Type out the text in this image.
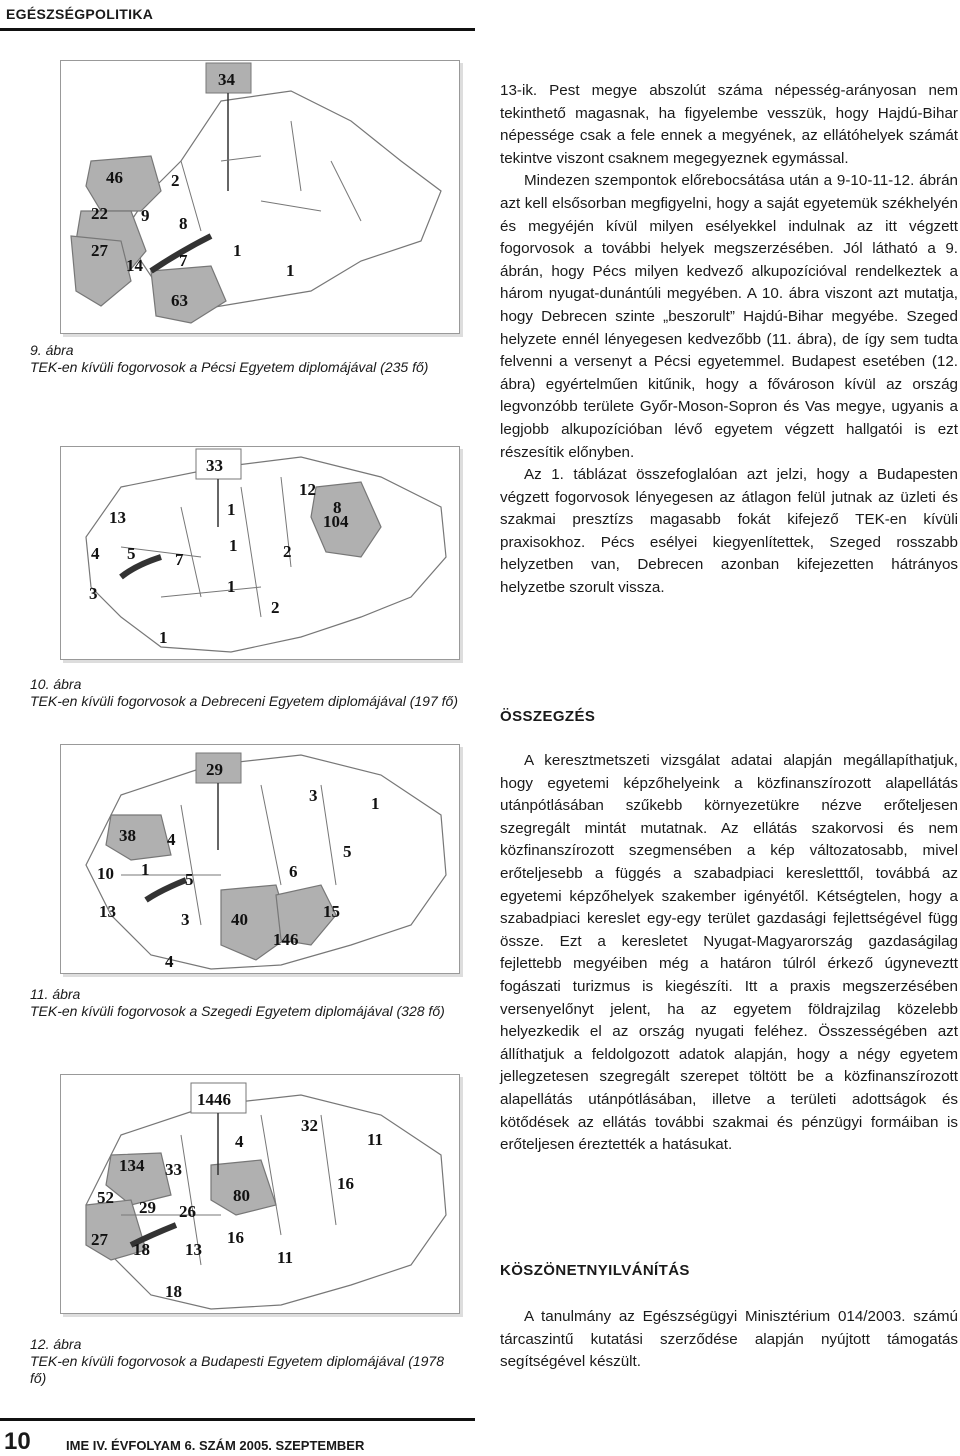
EGÉSZSÉGPOLITIKA
34
46	2
22 9 8
27
14 7
1
1
63
9. ábra
TEK-en kívüli fogorvosok a Pécsi Egyetem diplomájával (235 fő)
33
12
8
1
13	104
4 5 7
1	2
3	1
2
1
10. ábra
TEK-en kívüli fogorvosok a Debreceni Egyetem diplomájával (197 fő)
29
3	1
38 4
5
10 1
5	6
13	40	15
3
146
4
11. ábra
TEK-en kívüli fogorvosok a Szegedi Egyetem diplomájával (328 fő)
1446
32
4	11
134 33
80
52
29 26
16
27	16
18 13	11
18
12. ábra
TEK-en kívüli fogorvosok a Budapesti Egyetem diplomájával (1978 fő)

13-ik. Pest megye abszolút száma népesség-arányosan nem tekinthető magasnak, ha figyelembe vesszük, hogy Hajdú-Bihar népessége csak a fele ennek a megyének, az ellátóhelyek számát tekintve viszont csaknem megegyeznek egymással.

Mindezen szempontok előrebocsátása után a 9-10-11-12. ábrán azt kell elsősorban megfigyelni, hogy a saját egyetemük székhelyén és megyéjén kívül milyen esélyekkel indulnak az itt végzett fogorvosok a további helyek megszerzésében. Jól látható a 9. ábrán, hogy Pécs milyen kedvező alkupozícióval rendelkeztek a három nyugat-dunántúli megyében. A 10. ábra viszont azt mutatja, hogy Debrecen szinte „beszorult” Hajdú-Bihar megyébe. Szeged helyzete ennél lényegesen kedvezőbb (11. ábra), de így sem tudta felvenni a versenyt a Pécsi egyetemmel. Budapest esetében (12. ábra) egyértelműen kitűnik, hogy a fővároson kívül az ország legvonzóbb területe Győr-Moson-Sopron és Vas megye, ugyanis a legjobb alkupozícióban lévő egyetem végzett hallgatói is ezt részesítik előnyben.

Az 1. táblázat összefoglalóan azt jelzi, hogy a Budapesten végzett fogorvosok lényegesen az átlagon felül jutnak az üzleti és szakmai presztízs magasabb fokát kifejező TEK-en kívüli praxisokhoz. Pécs esélyei kiegyenlítettek, Szeged rosszabb helyzetben van, Debrecen azonban kifejezetten hátrányos helyzetbe szorult vissza.

ÖSSZEGZÉS

A keresztmetszeti vizsgálat adatai alapján megállapíthatjuk, hogy egyetemi képzőhelyeink a közfinanszírozott alapellátás utánpótlásában szűkebb környezetükre nézve erőteljesen szegregált mintát mutatnak. Az ellátás szakorvosi és nem közfinanszírozott szegmensében a kép változatosabb, mivel erőteljesebb a függés a szabadpiaci keresletttől, továbbá az egyetemi képzőhelyek szakember igényétől. Kétségtelen, hogy a szabadpiaci kereslet egy-egy terület gazdasági fejlettségével függ össze. Ezt a keresletet Nyugat-Magyarország gazdaságilag fejlettebb megyéiben még a határon túlról érkező úgyneveztt fogászati turizmus is kiegészíti. Itt a praxis megszerzésében versenyelőnyt jelent, ha az egyetem földrajzilag közelebb helyezkedik el az ország nyugati feléhez. Összességében azt állíthatjuk a feldolgozott adatok alapján, hogy a négy egyetem jellegzetesen szegregált szerepet töltött be a közfinanszírozott alapellátás utánpótlásában, illetve a területi adottságok és kötődések az ellátás további szakmai és pénzügyi formáiban is erőteljesen éreztették a hatásukat.

KÖSZÖNETNYILVÁNÍTÁS

A tanulmány az Egészségügyi Minisztérium 014/2003. számú tárcaszintű kutatási szerződése alapján nyújtott támogatás segítségével készült.

10	IME IV. ÉVFOLYAM 6. SZÁM 2005. SZEPTEMBER
